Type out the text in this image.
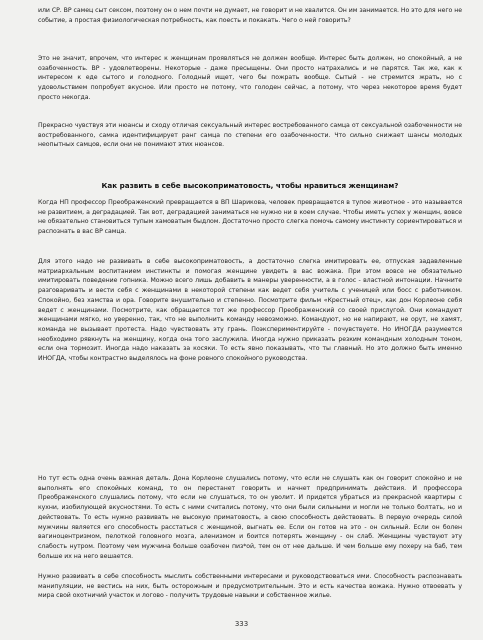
или СР. ВР самец сыт сексом, поэтому он о нем почти не думает, не говорит и не хвалится. Он им занимается. Но это для него не событие, а простая физиологическая потребность, как поесть и покакать. Чего о ней говорить?

Это не значит, впрочем, что интерес к женщинам проявляться не должен вообще. Интерес быть должен, но спокойный, а не озабоченность. ВР - удовлетворены. Некоторые - даже пресыщены. Они просто натрахались и не парятся. Так же, как к интересом к еде сытого и голодного. Голодный ищет, чего бы пожрать вообще. Сытый - не стремится жрать, но с удовольствием попробует вкусное. Или просто не потому, что голоден сейчас, а потому, что через некоторое время будет просто некогда.

Прекрасно чувствуя эти нюансы и сходу отличая сексуальный интерес востребованного самца от сексуальной озабоченности не востребованного, самка идентифицирует ранг самца по степени его озабоченности. Что сильно снижает шансы молодых неопытных самцов, если они не понимают этих нюансов.

Как развить в себе высокоприматовость, чтобы нравиться женщинам?

Когда НП профессор Преображенский превращается в ВП Шарикова, человек превращается в тупое животное - это называется не развитием, а деградацией. Так вот, деградацией заниматься не нужно ни в коем случае. Чтобы иметь успех у женщин, вовсе не обязательно становиться тупым хамоватым быдлом. Достаточно просто слегка помочь самому инстинкту сориентироваться и распознать в вас ВР самца.

Для этого надо не развивать в себе высокоприматовость, а достаточно слегка имитировать ее, отпуская задавленные матриархальным воспитанием инстинкты и помогая женщине увидеть в вас вожака. При этом вовсе не обязательно имитировать поведение гопника. Можно всего лишь добавить в манеры уверенности, а в голос - властной интонации. Начните разговаривать и вести себя с женщинами в некоторой степени как ведет себя учитель с ученицей или босс с работником. Спокойно, без хамства и ора. Говорите внушительно и степенно. Посмотрите фильм «Крестный отец», как дон Корлеоне себя ведет с женщинами. Посмотрите, как обращается тот же профессор Преображенский со своей прислугой. Они командуют женщинами мягко, но уверенно, так, что не выполнить команду невозможно. Командуют, но не напирают, не орут, не хамят, команда не вызывает протеста. Надо чувствовать эту грань. Поэкспериментируйте - почувствуете. Но ИНОГДА разумеется необходимо рявкнуть на женщину, когда она того заслужила. Иногда нужно приказать резким командным холодным тоном, если она тормозит. Иногда надо наказать за косяки. То есть явно показывать, что ты главный. Но это должно быть именно ИНОГДА, чтобы контрастно выделялось на фоне ровного спокойного руководства.

Но тут есть одна очень важная деталь. Дона Корлеоне слушались потому, что если не слушать как он говорит спокойно и не выполнять его спокойных команд, то он перестанет говорить и начнет предпринимать действия. И профессора Преображенского слушались потому, что если не слушаться, то он уволит. И придется убраться из прекрасной квартиры с кухни, изобилующей вкусностями. То есть с ними считались потому, что они были сильными и могли не только болтать, но и действовать. То есть нужно развивать не высокую приматовость, а свою способность действовать. В первую очередь силой мужчины является его способность расстаться с женщиной, выгнать ее. Если он готов на это - он сильный. Если он болен вагиноцентризмом, пелоткой головного мозга, аленизмом и боится потерять женщину - он слаб. Женщины чувствуют эту слабость нутром. Поэтому чем мужчина больше озабочен пиз*ой, тем он от нее дальше. И чем больше ему похеру на баб, тем больше их на него вешается.

Нужно развивать в себе способность мыслить собственными интересами и руководствоваться ими. Способность распознавать манипуляции, не вестись на них, быть осторожным и предусмотрительным. Это и есть качества вожака. Нужно отвоевать у мира свой охотничий участок и логово - получить трудовые навыки и собственное жилье.

333
